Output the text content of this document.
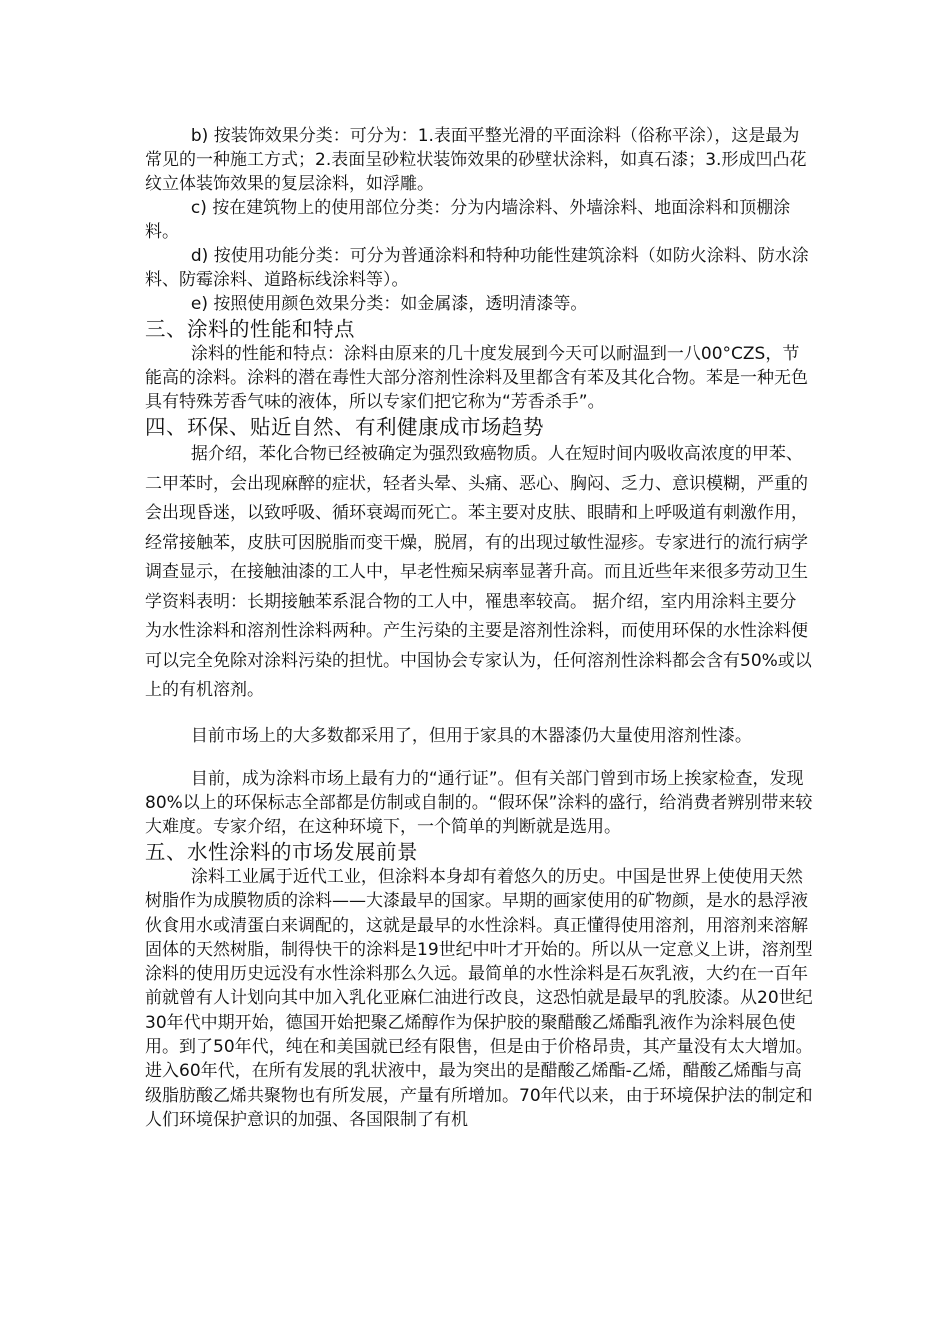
b) 按装饰效果分类：可分为：1.表面平整光滑的平面涂料（俗称平涂），这是最为常见的一种施工方式；2.表面呈砂粒状装饰效果的砂壁状涂料，如真石漆；3.形成凹凸花纹立体装饰效果的复层涂料，如浮雕。

c) 按在建筑物上的使用部位分类：分为内墙涂料、外墙涂料、地面涂料和顶棚涂料。

d) 按使用功能分类：可分为普通涂料和特种功能性建筑涂料（如防火涂料、防水涂料、防霉涂料、道路标线涂料等）。

e) 按照使用颜色效果分类：如金属漆，透明清漆等。

三、涂料的性能和特点

涂料的性能和特点：涂料由原来的几十度发展到今天可以耐温到一八00°CZS，节能高的涂料。涂料的潜在毒性大部分溶剂性涂料及里都含有苯及其化合物。苯是一种无色具有特殊芳香气味的液体，所以专家们把它称为“芳香杀手”。

四、环保、贴近自然、有利健康成市场趋势

据介绍，苯化合物已经被确定为强烈致癌物质。人在短时间内吸收高浓度的甲苯、二甲苯时，会出现麻醉的症状，轻者头晕、头痛、恶心、胸闷、乏力、意识模糊，严重的会出现昏迷，以致呼吸、循环衰竭而死亡。苯主要对皮肤、眼睛和上呼吸道有刺激作用，经常接触苯，皮肤可因脱脂而变干燥，脱屑，有的出现过敏性湿疹。专家进行的流行病学调查显示，在接触油漆的工人中，早老性痴呆病率显著升高。而且近些年来很多劳动卫生学资料表明：长期接触苯系混合物的工人中，罹患率较高。 据介绍，室内用涂料主要分为水性涂料和溶剂性涂料两种。产生污染的主要是溶剂性涂料，而使用环保的水性涂料便可以完全免除对涂料污染的担忧。中国协会专家认为，任何溶剂性涂料都会含有50%或以上的有机溶剂。

目前市场上的大多数都采用了，但用于家具的木器漆仍大量使用溶剂性漆。

目前，成为涂料市场上最有力的“通行证”。但有关部门曾到市场上挨家检查，发现80%以上的环保标志全部都是仿制或自制的。“假环保”涂料的盛行，给消费者辨别带来较大难度。专家介绍，在这种环境下，一个简单的判断就是选用。

五、水性涂料的市场发展前景

涂料工业属于近代工业，但涂料本身却有着悠久的历史。中国是世界上使使用天然树脂作为成膜物质的涂料——大漆最早的国家。早期的画家使用的矿物颜，是水的悬浮液伙食用水或清蛋白来调配的，这就是最早的水性涂料。真正懂得使用溶剂，用溶剂来溶解固体的天然树脂，制得快干的涂料是19世纪中叶才开始的。所以从一定意义上讲，溶剂型涂料的使用历史远没有水性涂料那么久远。最简单的水性涂料是石灰乳液，大约在一百年前就曾有人计划向其中加入乳化亚麻仁油进行改良，这恐怕就是最早的乳胶漆。从20世纪30年代中期开始，德国开始把聚乙烯醇作为保护胶的聚醋酸乙烯酯乳液作为涂料展色使用。到了50年代，纯在和美国就已经有限售，但是由于价格昂贵，其产量没有太大增加。进入60年代，在所有发展的乳状液中，最为突出的是醋酸乙烯酯-乙烯，醋酸乙烯酯与高级脂肪酸乙烯共聚物也有所发展，产量有所增加。70年代以来，由于环境保护法的制定和人们环境保护意识的加强、各国限制了有机
